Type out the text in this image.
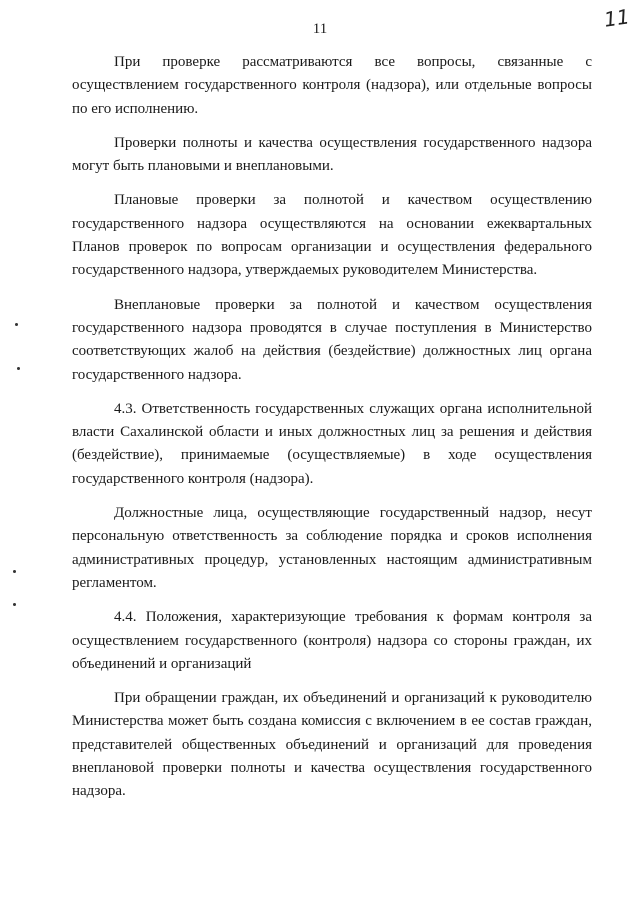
11	11

При проверке рассматриваются все вопросы, связанные с осуществлением государственного контроля (надзора), или отдельные вопросы по его исполнению.

Проверки полноты и качества осуществления государственного надзора могут быть плановыми и внеплановыми.

Плановые проверки за полнотой и качеством осуществлению государственного надзора осуществляются на основании ежеквартальных Планов проверок по вопросам организации и осуществления федерального государственного надзора, утверждаемых руководителем Министерства.

Внеплановые проверки за полнотой и качеством осуществления государственного надзора проводятся в случае поступления в Министерство соответствующих жалоб на действия (бездействие) должностных лиц органа государственного надзора.

4.3. Ответственность государственных служащих органа исполнительной власти Сахалинской области и иных должностных лиц за решения и действия (бездействие), принимаемые (осуществляемые) в ходе осуществления государственного контроля (надзора).

Должностные лица, осуществляющие государственный надзор, несут персональную ответственность за соблюдение порядка и сроков исполнения административных процедур, установленных настоящим административным регламентом.

4.4. Положения, характеризующие требования к формам контроля за осуществлением государственного (контроля) надзора со стороны граждан, их объединений и организаций

При обращении граждан, их объединений и организаций к руководителю Министерства может быть создана комиссия с включением в ее состав граждан, представителей общественных объединений и организаций для проведения внеплановой проверки полноты и качества осуществления государственного надзора.
